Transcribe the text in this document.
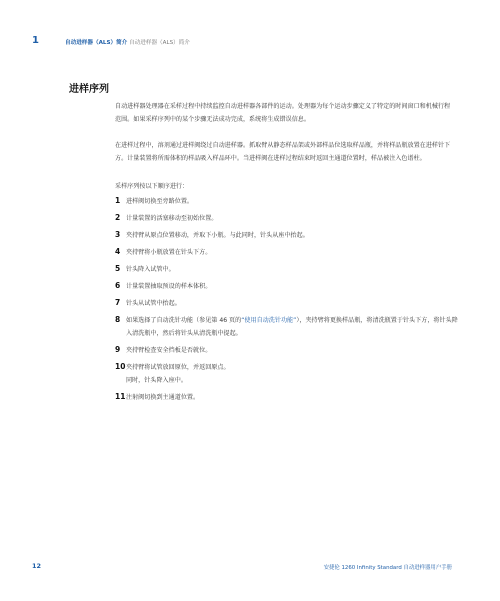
1	自动进样器（ALS）简介 自动进样器（ALS）简介
进样序列

自动进样器处理器在采样过程中持续监控自动进样器各部件的运动。处理器为每个运动步骤定义了特定的时间窗口和机械行程范围。如果采样序列中的某个步骤无法成功完成，系统将生成错误信息。

在进样过程中，溶剂通过进样阀绕过自动进样器。抓取臂从静态样品架或外部样品位选取样品瓶，并将样品瓶放置在进样针下方。计量装置将所需体积的样品吸入样品环中。当进样阀在进样过程结束时返回主通道位置时，样品被注入色谱柱。

采样序列按以下顺序进行：

1 进样阀切换至旁路位置。
2 计量装置的活塞移动至初始位置。
3 夹持臂从原点位置移动，并取下小瓶。与此同时，针头从座中抬起。
4 夹持臂将小瓶放置在针头下方。
5 针头降入试管中。
6 计量装置抽取预设的样本体积。
7 针头从试管中抬起。
8 如果选择了自动洗针功能（参见第 46 页的“使用自动洗针功能”），夹持臂将更换样品瓶，将清洗瓶置于针头下方，将针头降入清洗瓶中，然后将针头从清洗瓶中提起。
9 夹持臂检查安全挡板是否就位。
10 夹持臂将试管放回原位，并返回原点。
同时，针头降入座中。
11 注射阀切换到主通道位置。
12	安捷伦 1260 Infinity Standard 自动进样器用户手册
